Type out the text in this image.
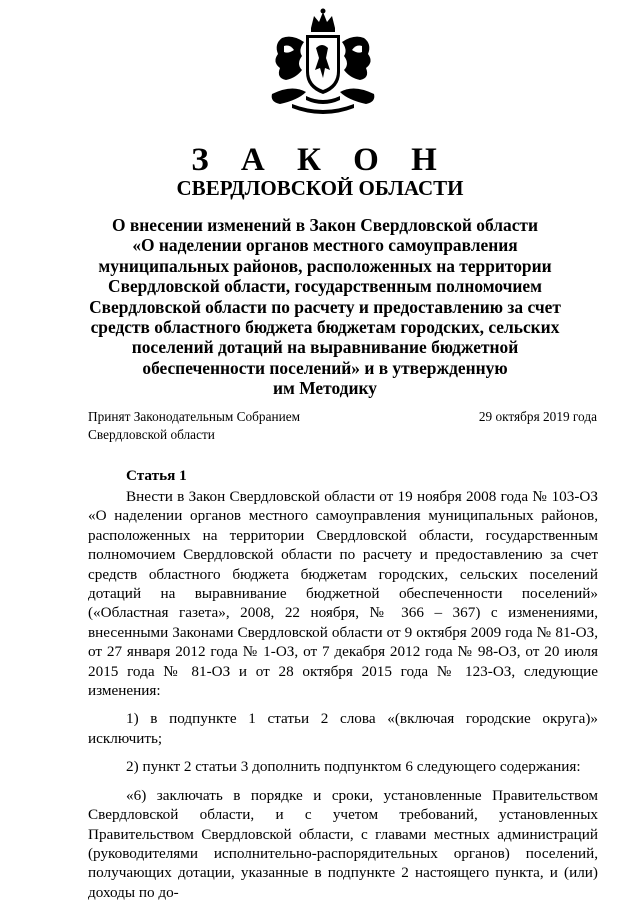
З А К О Н
СВЕРДЛОВСКОЙ ОБЛАСТИ
О внесении изменений в Закон Свердловской области
«О наделении органов местного самоуправления
муниципальных районов, расположенных на территории
Свердловской области, государственным полномочием
Свердловской области по расчету и предоставлению за счет
средств областного бюджета бюджетам городских, сельских
поселений дотаций на выравнивание бюджетной
обеспеченности поселений» и в утвержденную
им Методику
Принят Законодательным Собранием
Свердловской области
29 октября 2019 года
Статья 1

Внести в Закон Свердловской области от 19 ноября 2008 года № 103-ОЗ «О наделении органов местного самоуправления муниципальных районов, расположенных на территории Свердловской области, государственным полномочием Свердловской области по расчету и предоставлению за счет средств областного бюджета бюджетам городских, сельских поселений дотаций на выравнивание бюджетной обеспеченности поселений» («Областная газета», 2008, 22 ноября, № 366 – 367) с изменениями, внесенными Законами Свердловской области от 9 октября 2009 года № 81-ОЗ, от 27 января 2012 года № 1-ОЗ, от 7 декабря 2012 года № 98-ОЗ, от 20 июля 2015 года № 81-ОЗ и от 28 октября 2015 года № 123-ОЗ, следующие изменения:

1) в подпункте 1 статьи 2 слова «(включая городские округа)» исключить;

2) пункт 2 статьи 3 дополнить подпунктом 6 следующего содержания:

«6) заключать в порядке и сроки, установленные Правительством Свердловской области, и с учетом требований, установленных Правительством Свердловской области, с главами местных администраций (руководителями исполнительно-распорядительных органов) поселений, получающих дотации, указанные в подпункте 2 настоящего пункта, и (или) доходы по до-
